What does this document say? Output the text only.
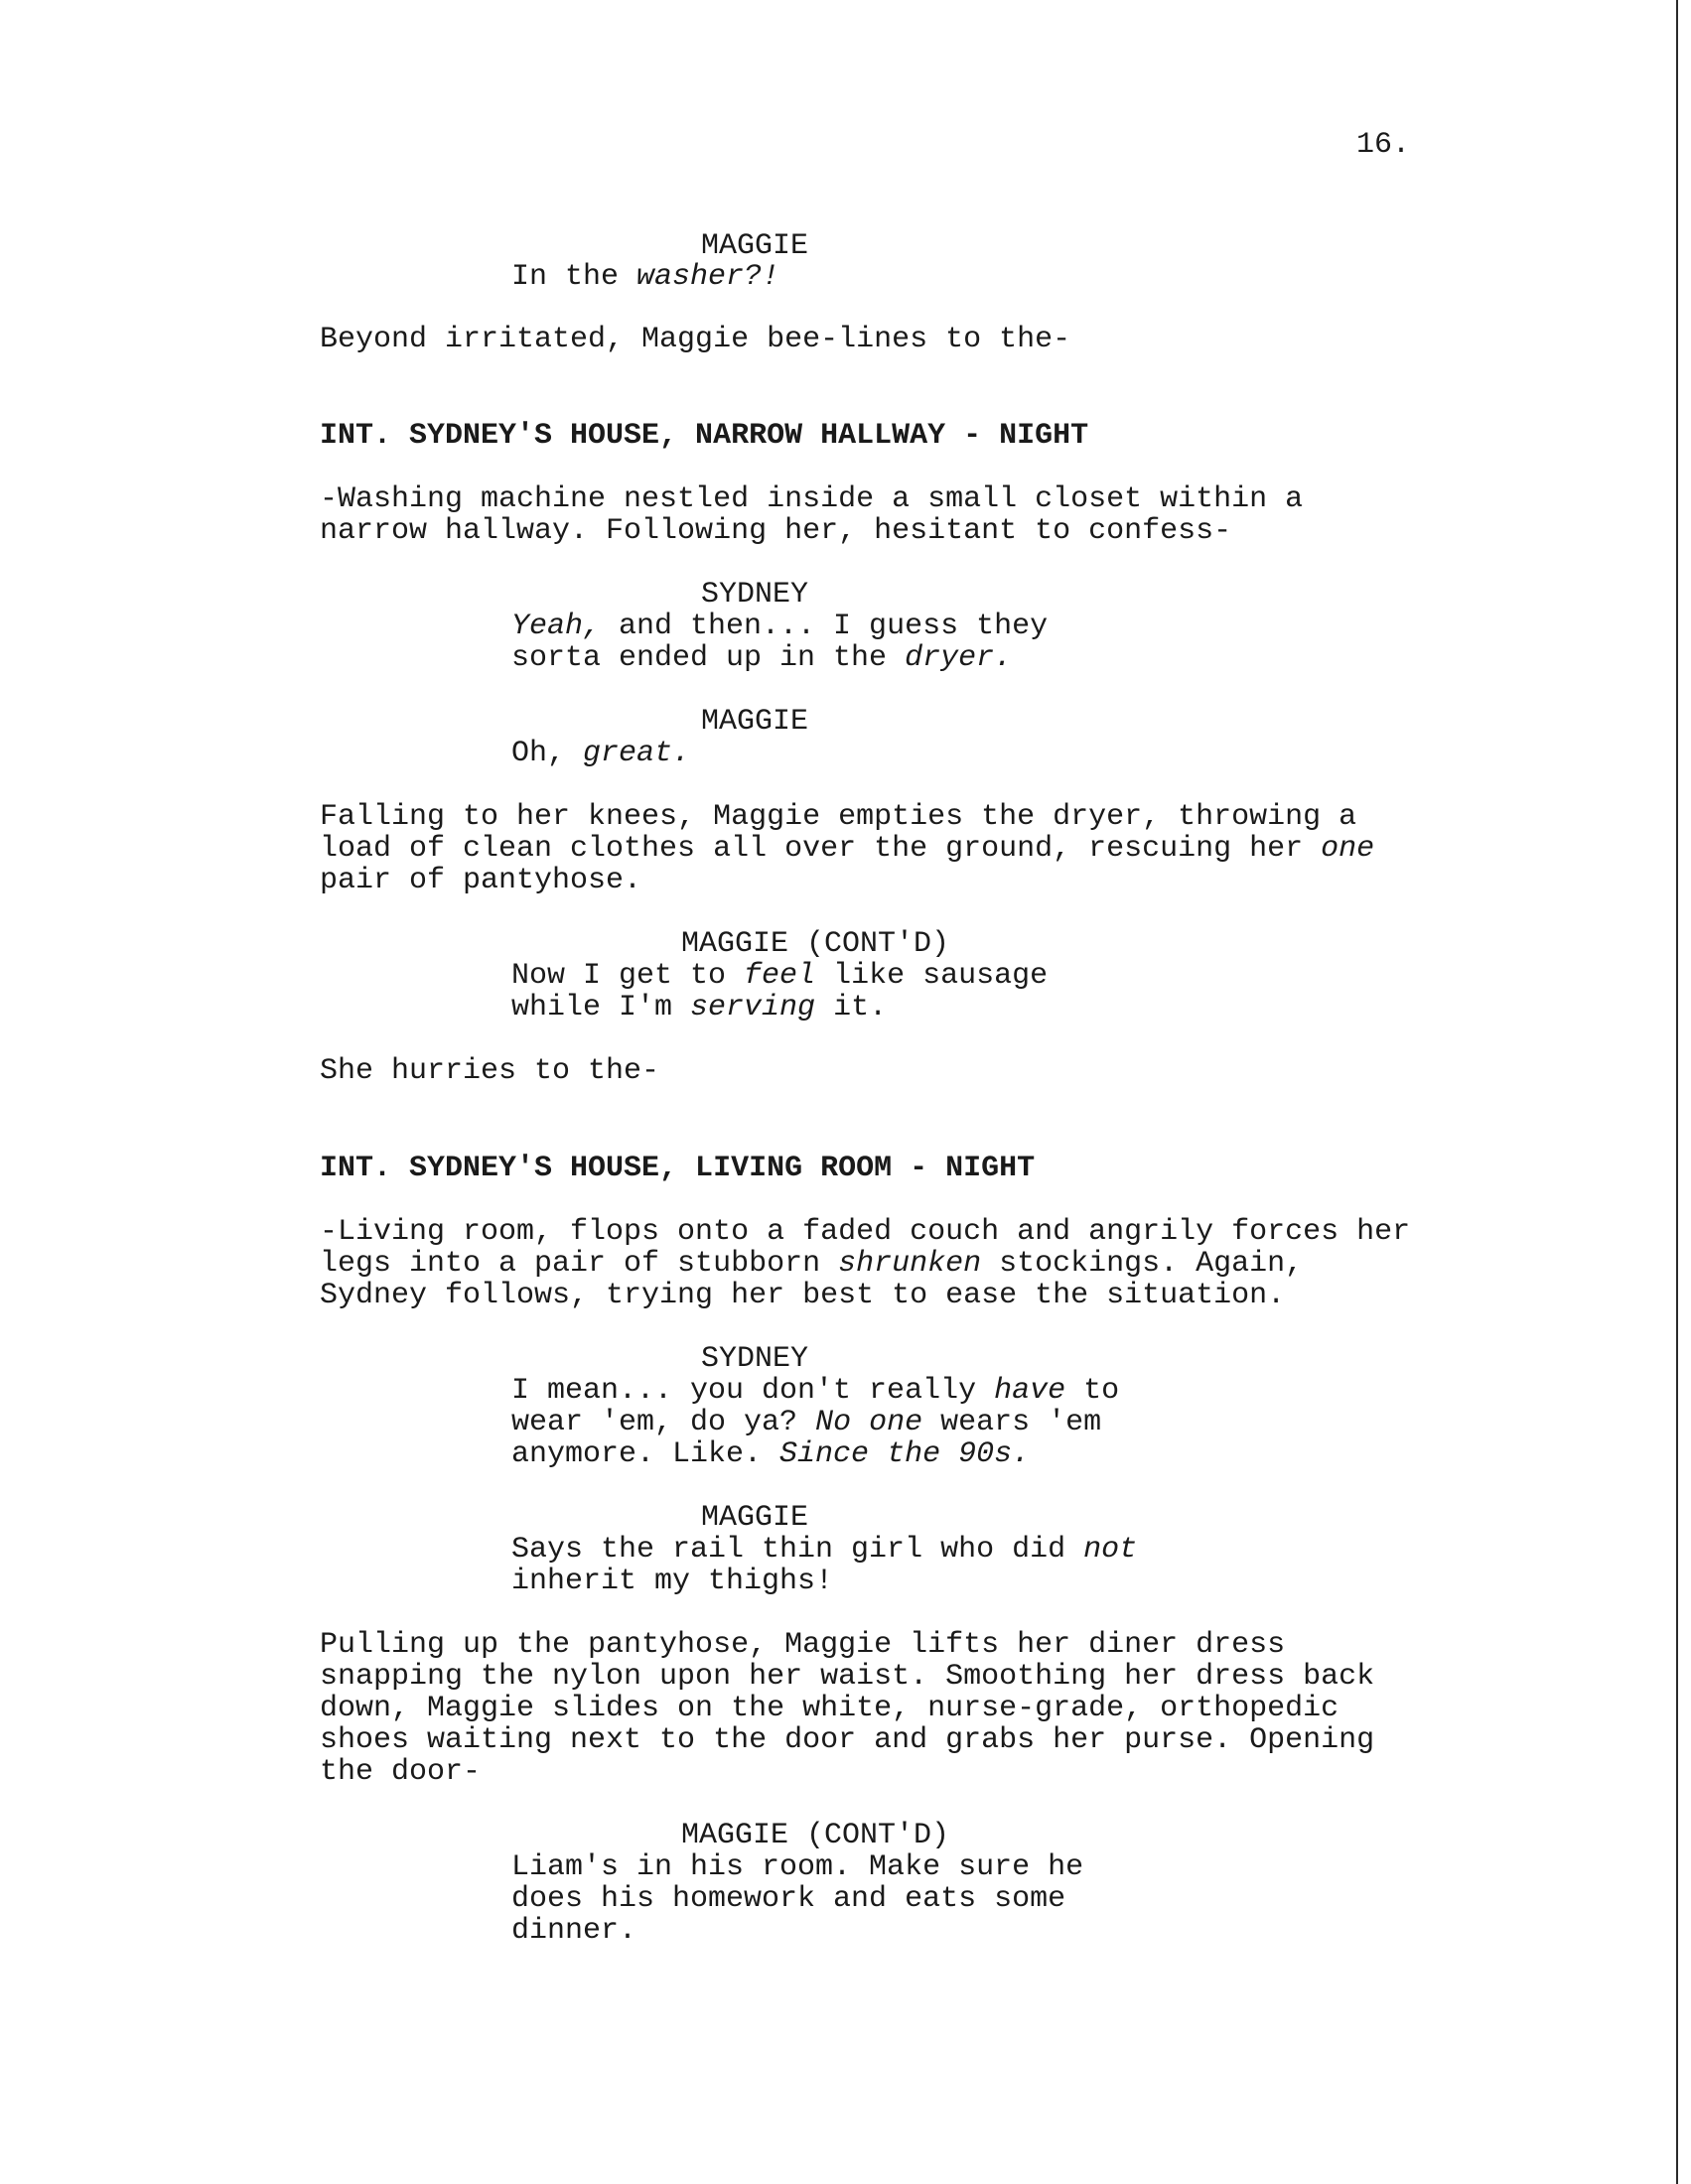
16.
MAGGIE
In the washer?!
Beyond irritated, Maggie bee-lines to the-
INT. SYDNEY'S HOUSE, NARROW HALLWAY - NIGHT
-Washing machine nestled inside a small closet within a
narrow hallway. Following her, hesitant to confess-
SYDNEY
Yeah, and then... I guess they
sorta ended up in the dryer.
MAGGIE
Oh, great.
Falling to her knees, Maggie empties the dryer, throwing a
load of clean clothes all over the ground, rescuing her one
pair of pantyhose.
MAGGIE (CONT'D)
Now I get to feel like sausage
while I'm serving it.
She hurries to the-
INT. SYDNEY'S HOUSE, LIVING ROOM - NIGHT
-Living room, flops onto a faded couch and angrily forces her
legs into a pair of stubborn shrunken stockings. Again,
Sydney follows, trying her best to ease the situation.
SYDNEY
I mean... you don't really have to
wear 'em, do ya? No one wears 'em
anymore. Like. Since the 90s.
MAGGIE
Says the rail thin girl who did not
inherit my thighs!
Pulling up the pantyhose, Maggie lifts her diner dress
snapping the nylon upon her waist. Smoothing her dress back
down, Maggie slides on the white, nurse-grade, orthopedic
shoes waiting next to the door and grabs her purse. Opening
the door-
MAGGIE (CONT'D)
Liam's in his room. Make sure he
does his homework and eats some
dinner.
